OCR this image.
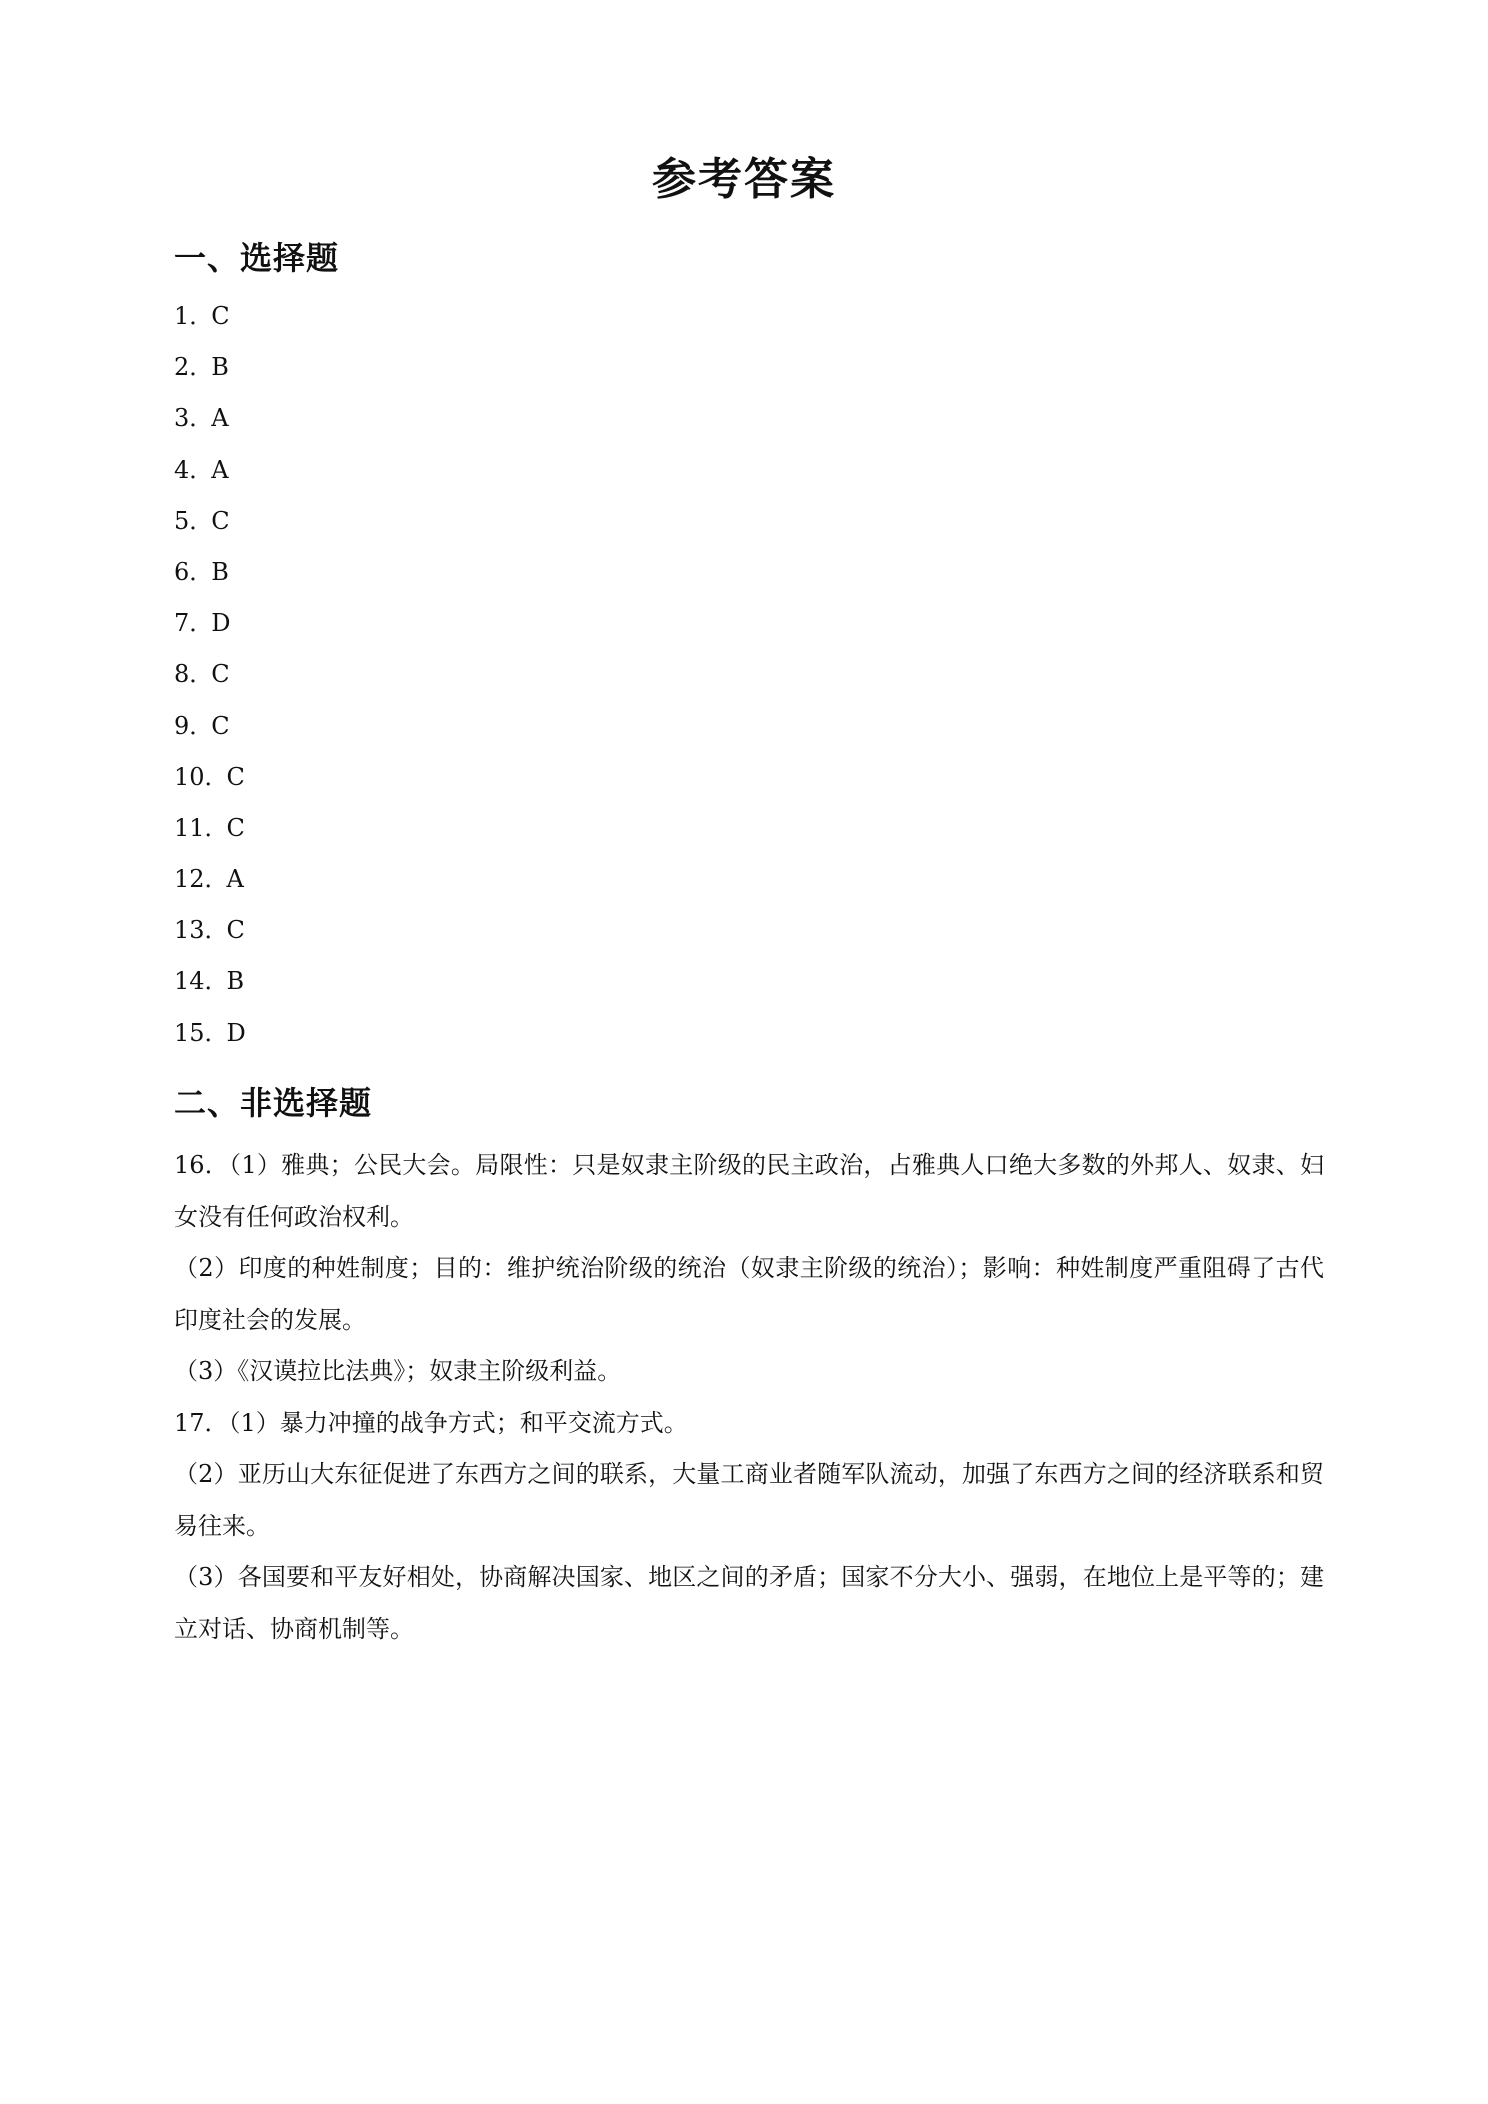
参考答案
一、选择题
1．C
2．B
3．A
4．A
5．C
6．B
7．D
8．C
9．C
10．C
11．C
12．A
13．C
14．B
15．D
二、非选择题

16．（1）雅典；公民大会。局限性：只是奴隶主阶级的民主政治，占雅典人口绝大多数的外邦人、奴隶、妇女没有任何政治权利。

（2）印度的种姓制度；目的：维护统治阶级的统治（奴隶主阶级的统治）；影响：种姓制度严重阻碍了古代印度社会的发展。

（3）《汉谟拉比法典》；奴隶主阶级利益。

17．（1）暴力冲撞的战争方式；和平交流方式。

（2）亚历山大东征促进了东西方之间的联系，大量工商业者随军队流动，加强了东西方之间的经济联系和贸易往来。

（3）各国要和平友好相处，协商解决国家、地区之间的矛盾；国家不分大小、强弱，在地位上是平等的；建立对话、协商机制等。
